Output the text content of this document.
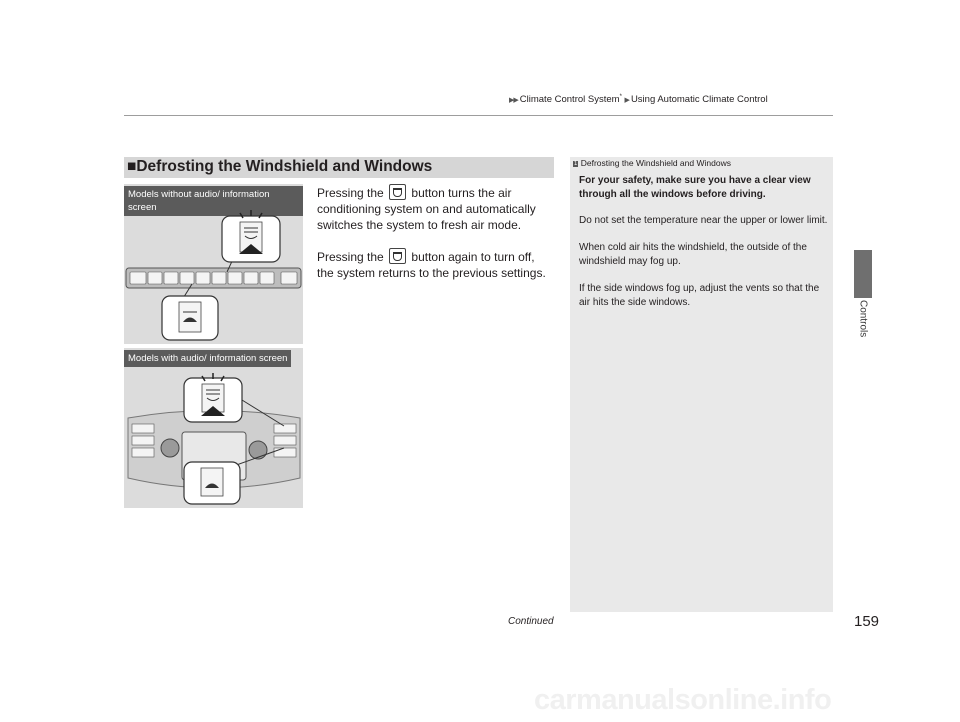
▶▶ Climate Control System* ▶ Using Automatic Climate Control
Controls
■Defrosting the Windshield and Windows
Pressing the button turns the air conditioning system on and automatically switches the system to fresh air mode.
Pressing the button again to turn off, the system returns to the previous settings.
Models without audio/ information screen
Models with audio/ information screen
1 Defrosting the Windshield and Windows
For your safety, make sure you have a clear view through all the windows before driving.
Do not set the temperature near the upper or lower limit.
When cold air hits the windshield, the outside of the windshield may fog up.
If the side windows fog up, adjust the vents so that the air hits the side windows.
Continued	159
carmanualsonline.info
